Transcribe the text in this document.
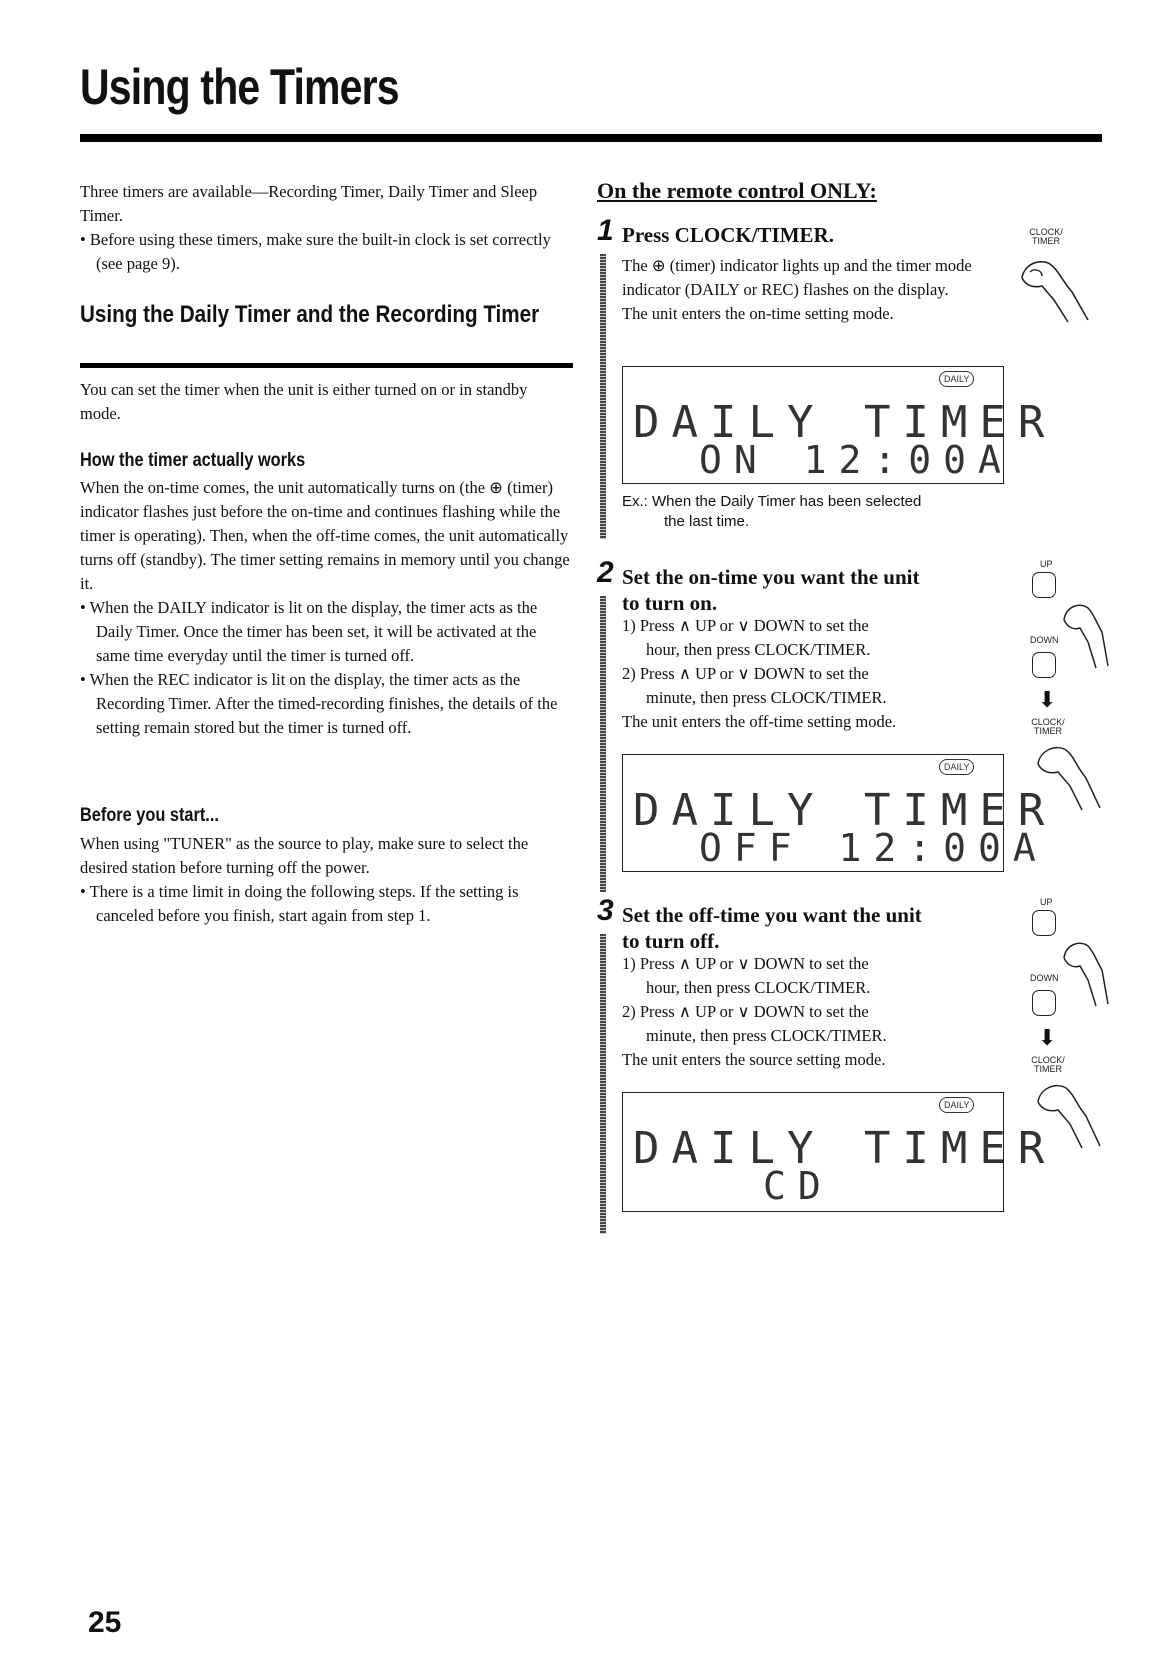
Using the Timers
Three timers are available—Recording Timer, Daily Timer and Sleep Timer.
• Before using these timers, make sure the built-in clock is set correctly (see page 9).
Using the Daily Timer and the Recording Timer
You can set the timer when the unit is either turned on or in standby mode.
How the timer actually works
When the on-time comes, the unit automatically turns on (the ⊕ (timer) indicator flashes just before the on-time and continues flashing while the timer is operating). Then, when the off-time comes, the unit automatically turns off (standby). The timer setting remains in memory until you change it.
• When the DAILY indicator is lit on the display, the timer acts as the Daily Timer. Once the timer has been set, it will be activated at the same time everyday until the timer is turned off.
• When the REC indicator is lit on the display, the timer acts as the Recording Timer. After the timed-recording finishes, the details of the setting remain stored but the timer is turned off.
Before you start...
When using "TUNER" as the source to play, make sure to select the desired station before turning off the power.
• There is a time limit in doing the following steps. If the setting is canceled before you finish, start again from step 1.
On the remote control ONLY:
1 Press CLOCK/TIMER.
The ⊕ (timer) indicator lights up and the timer mode indicator (DAILY or REC) flashes on the display.
The unit enters the on-time setting mode.
DAILY
DAILY TIMER
ON 12:00A
Ex.: When the Daily Timer has been selected
the last time.
CLOCK/
TIMER
2 Set the on-time you want the unit
to turn on.
1) Press ∧ UP or ∨ DOWN to set the
hour, then press CLOCK/TIMER.
2) Press ∧ UP or ∨ DOWN to set the
minute, then press CLOCK/TIMER.
The unit enters the off-time setting mode.
DAILY
DAILY TIMER
OFF 12:00A
UP
DOWN
⬇
CLOCK/
TIMER
3 Set the off-time you want the unit
to turn off.
1) Press ∧ UP or ∨ DOWN to set the
hour, then press CLOCK/TIMER.
2) Press ∧ UP or ∨ DOWN to set the
minute, then press CLOCK/TIMER.
The unit enters the source setting mode.
DAILY
DAILY TIMER
CD
UP
DOWN
⬇
CLOCK/
TIMER
25
